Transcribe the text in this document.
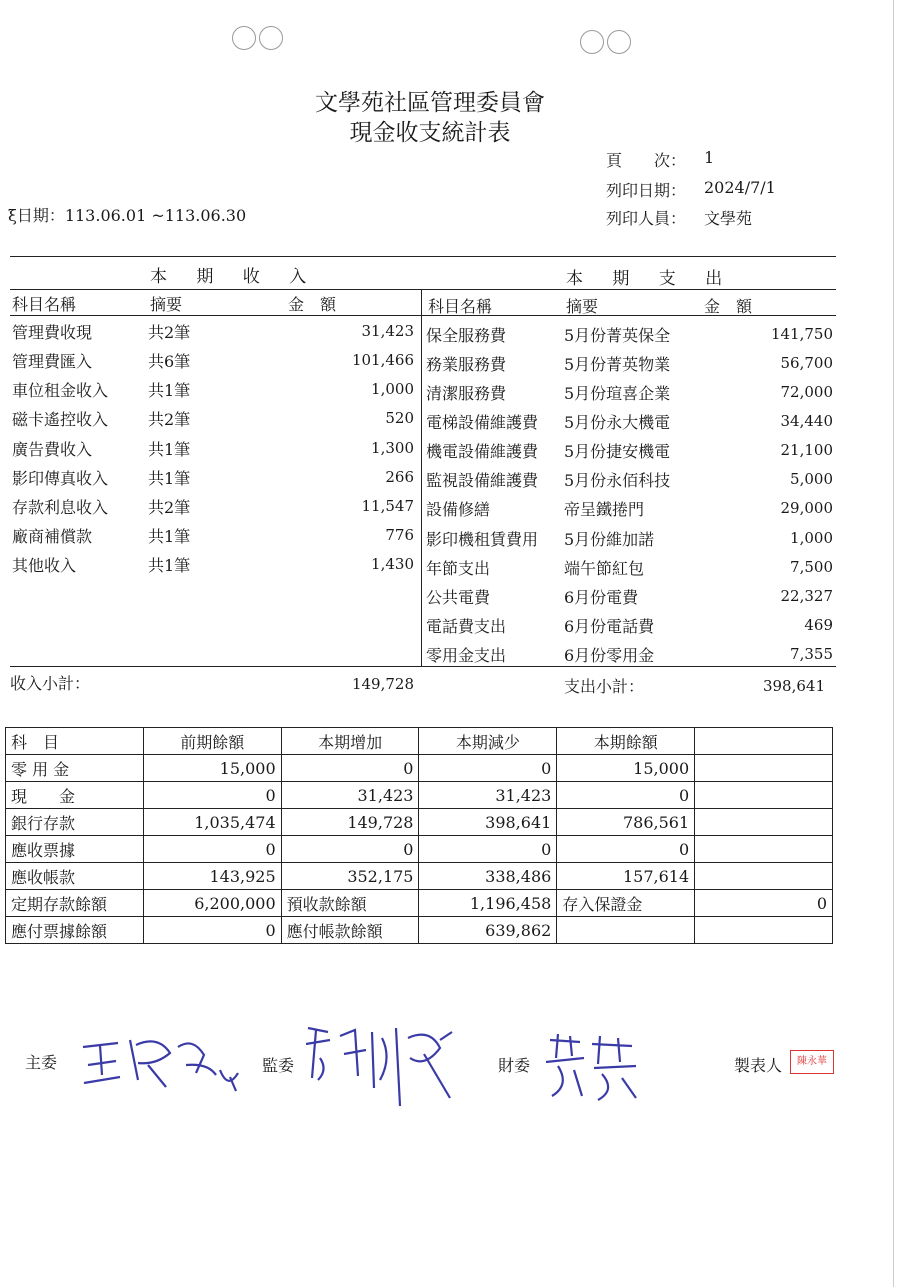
文學苑社區管理委員會
現金收支統計表
頁　　次： 1
列印日期： 2024/7/1
列印人員： 文學苑
ξ日期：113.06.01 ~113.06.30
本 期 收 入	本 期 支 出
科目名稱	摘要	金　額	科目名稱	摘要	金　額
管理費收現	共2筆	31,423
管理費匯入	共6筆	101,466
車位租金收入 共1筆	1,000
磁卡遙控收入 共2筆	520
廣告費收入	共1筆	1,300
影印傳真收入 共1筆	266
存款利息收入 共2筆	11,547
廠商補償款	共1筆	776
其他收入	共1筆	1,430
保全服務費	5月份菁英保全	141,750
務業服務費	5月份菁英物業	56,700
清潔服務費	5月份瑄喜企業	72,000
電梯設備維護費 5月份永大機電	34,440
機電設備維護費 5月份捷安機電	21,100
監視設備維護費 5月份永佰科技	5,000
設備修繕	帝呈鐵捲門	29,000
影印機租賃費用 5月份維加諾	1,000
年節支出	端午節紅包	7,500
公共電費	6月份電費	22,327
電話費支出	6月份電話費	469
零用金支出	6月份零用金	7,355
收入小計：	149,728	支出小計：	398,641
科　目	前期餘額	本期增加	本期減少	本期餘額	
零 用 金	15,000	0	0	15,000	
現　　金	0	31,423	31,423	0	
銀行存款	1,035,474	149,728	398,641	786,561	
應收票據	0	0	0	0	
應收帳款	143,925	352,175	338,486	157,614	
定期存款餘額	6,200,000	預收款餘額	1,196,458	存入保證金	0
應付票據餘額	0	應付帳款餘額	639,862		
主委	監委	財委	製表人	陳永華
